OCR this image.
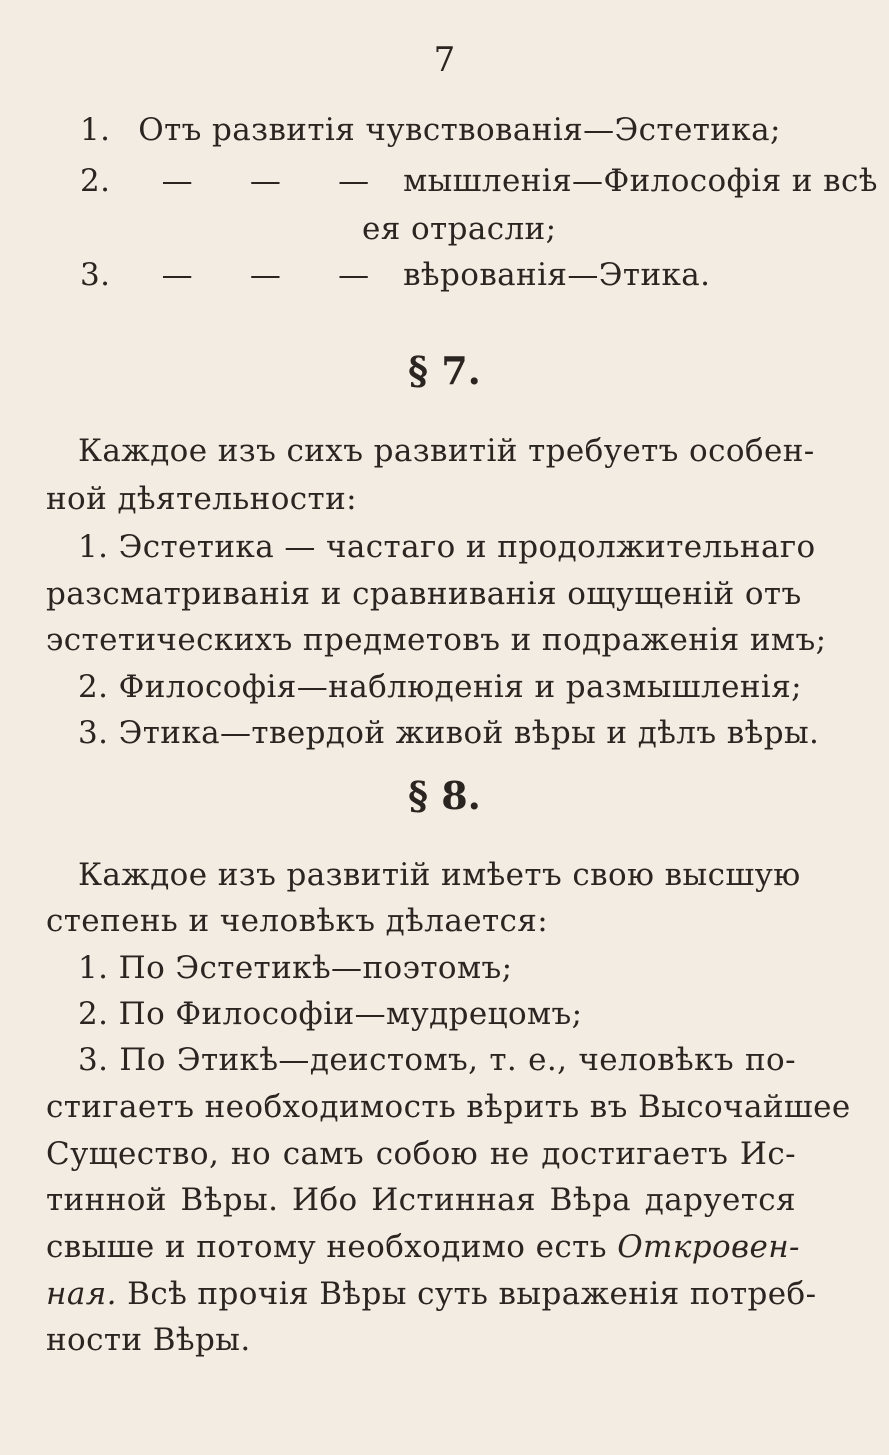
7
1. Отъ развитія чувствованія—Эстетика;
2. — — — мышленія—Философія и всѣ
ея отрасли;
3. — — — вѣрованія—Этика.
§ 7.
Каждое изъ сихъ развитій требуетъ особен-
ной дѣятельности:
1. Эстетика — частаго и продолжительнаго
разсматриванія и сравниванія ощущеній отъ
эстетическихъ предметовъ и подраженія имъ;
2. Философія—наблюденія и размышленія;
3. Этика—твердой живой вѣры и дѣлъ вѣры.
§ 8.
Каждое изъ развитій имѣетъ свою высшую
степень и человѣкъ дѣлается:
1. По Эстетикѣ—поэтомъ;
2. По Философіи—мудрецомъ;
3. По Этикѣ—деистомъ, т. е., человѣкъ по-
стигаетъ необходимость вѣрить въ Высочайшее
Существо, но самъ собою не достигаетъ Ис-
тинной Вѣры. Ибо Истинная Вѣра даруется
свыше и потому необходимо есть Откровен-
ная. Всѣ прочія Вѣры суть выраженія потреб-
ности Вѣры.
